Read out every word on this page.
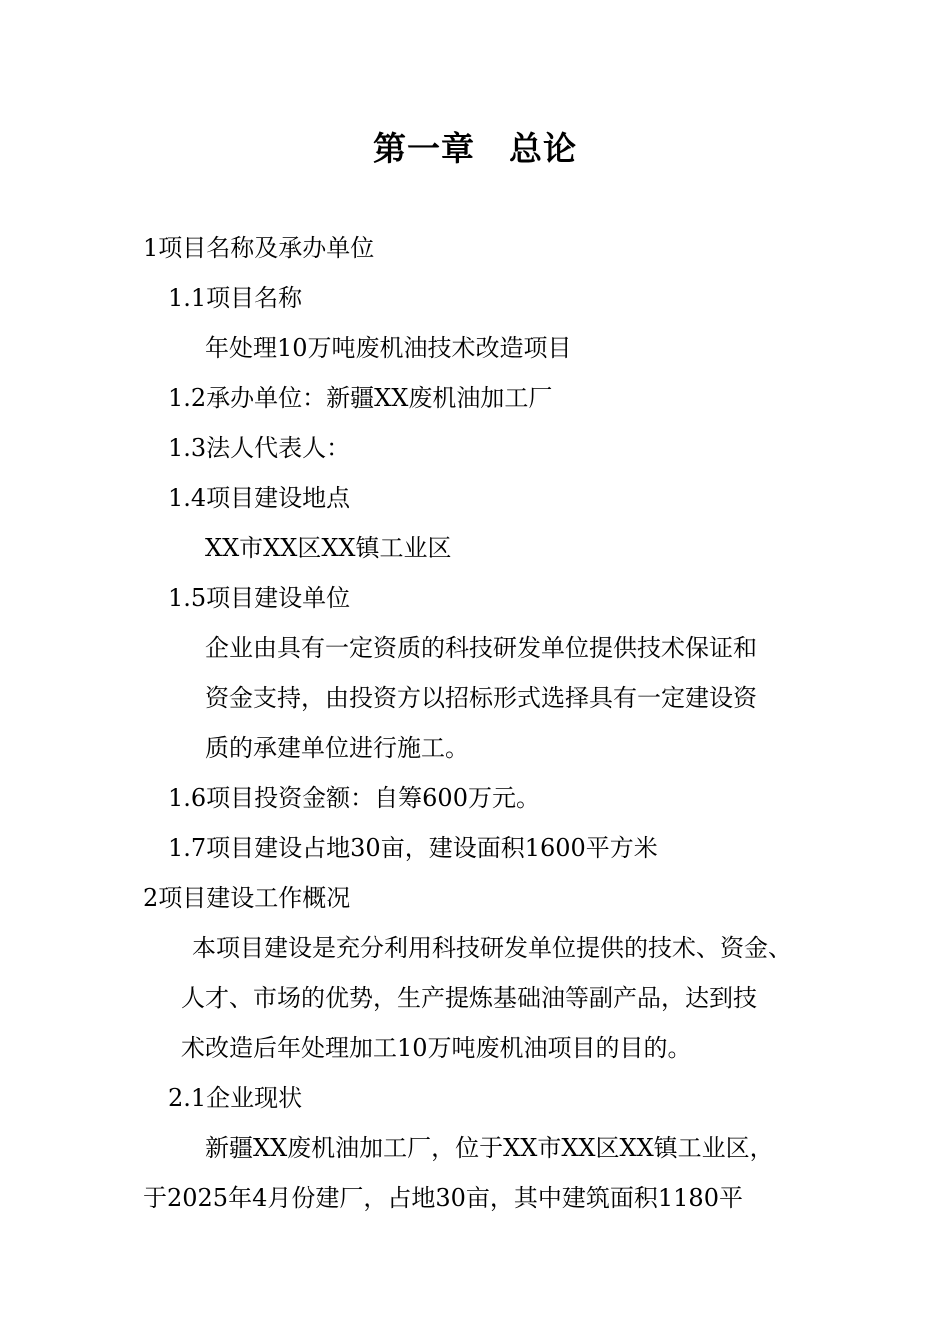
第一章　总论
1项目名称及承办单位
1.1项目名称
年处理10万吨废机油技术改造项目
1.2承办单位：新疆XX废机油加工厂
1.3法人代表人：
1.4项目建设地点
XX市XX区XX镇工业区
1.5项目建设单位
企业由具有一定资质的科技研发单位提供技术保证和
资金支持，由投资方以招标形式选择具有一定建设资
质的承建单位进行施工。
1.6项目投资金额：自筹600万元。
1.7项目建设占地30亩，建设面积1600平方米
2项目建设工作概况
本项目建设是充分利用科技研发单位提供的技术、资金、
人才、市场的优势，生产提炼基础油等副产品，达到技
术改造后年处理加工10万吨废机油项目的目的。
2.1企业现状
新疆XX废机油加工厂，位于XX市XX区XX镇工业区，
于2025年4月份建厂，占地30亩，其中建筑面积1180平
